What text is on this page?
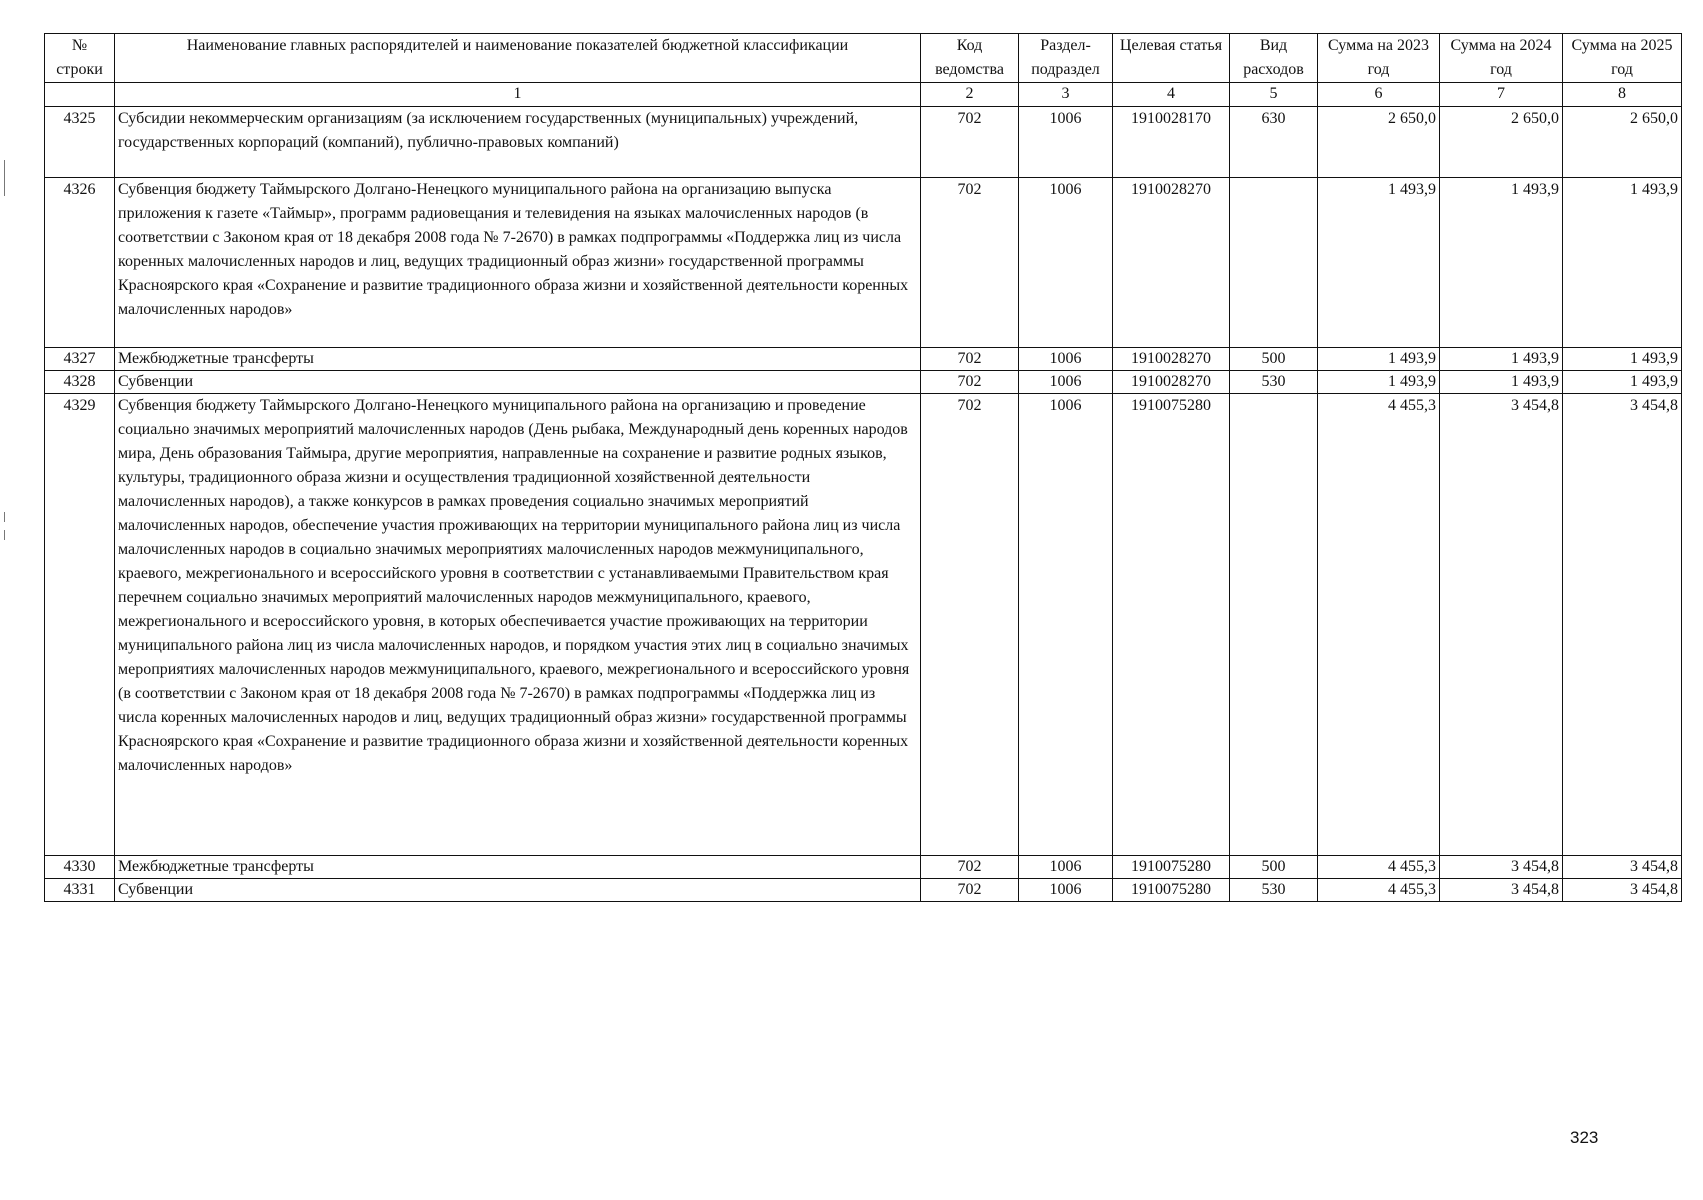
№ строки	Наименование главных распорядителей и наименование показателей бюджетной классификации	Код ведомства	Раздел-подраздел	Целевая статья	Вид расходов	Сумма на 2023 год	Сумма на 2024 год	Сумма на 2025 год
	1	2	3	4	5	6	7	8
4325	Субсидии некоммерческим организациям (за исключением государственных (муниципальных) учреждений, государственных корпораций (компаний), публично-правовых компаний)	702	1006	1910028170	630	2 650,0	2 650,0	2 650,0
4326	Субвенция бюджету Таймырского Долгано-Ненецкого муниципального района на организацию выпуска приложения к газете «Таймыр», программ радиовещания и телевидения на языках малочисленных народов (в соответствии с Законом края от 18 декабря 2008 года № 7-2670) в рамках подпрограммы «Поддержка лиц из числа коренных малочисленных народов и лиц, ведущих традиционный образ жизни» государственной программы Красноярского края «Сохранение и развитие традиционного образа жизни и хозяйственной деятельности коренных малочисленных народов»	702	1006	1910028270		1 493,9	1 493,9	1 493,9
4327	Межбюджетные трансферты	702	1006	1910028270	500	1 493,9	1 493,9	1 493,9
4328	Субвенции	702	1006	1910028270	530	1 493,9	1 493,9	1 493,9
4329	Субвенция бюджету Таймырского Долгано-Ненецкого муниципального района на организацию и проведение социально значимых мероприятий малочисленных народов (День рыбака, Международный день коренных народов мира, День образования Таймыра, другие мероприятия, направленные на сохранение и развитие родных языков, культуры, традиционного образа жизни и осуществления традиционной хозяйственной деятельности малочисленных народов), а также конкурсов в рамках проведения социально значимых мероприятий малочисленных народов, обеспечение участия проживающих на территории муниципального района лиц из числа малочисленных народов в социально значимых мероприятиях малочисленных народов межмуниципального, краевого, межрегионального и всероссийского уровня в соответствии с устанавливаемыми Правительством края перечнем социально значимых мероприятий малочисленных народов межмуниципального, краевого, межрегионального и всероссийского уровня, в которых обеспечивается участие проживающих на территории муниципального района лиц из числа малочисленных народов, и порядком участия этих лиц в социально значимых мероприятиях малочисленных народов межмуниципального, краевого, межрегионального и всероссийского уровня (в соответствии с Законом края от 18 декабря 2008 года № 7-2670) в рамках подпрограммы «Поддержка лиц из числа коренных малочисленных народов и лиц, ведущих традиционный образ жизни» государственной программы Красноярского края «Сохранение и развитие традиционного образа жизни и хозяйственной деятельности коренных малочисленных народов»	702	1006	1910075280		4 455,3	3 454,8	3 454,8
4330	Межбюджетные трансферты	702	1006	1910075280	500	4 455,3	3 454,8	3 454,8
4331	Субвенции	702	1006	1910075280	530	4 455,3	3 454,8	3 454,8
323
